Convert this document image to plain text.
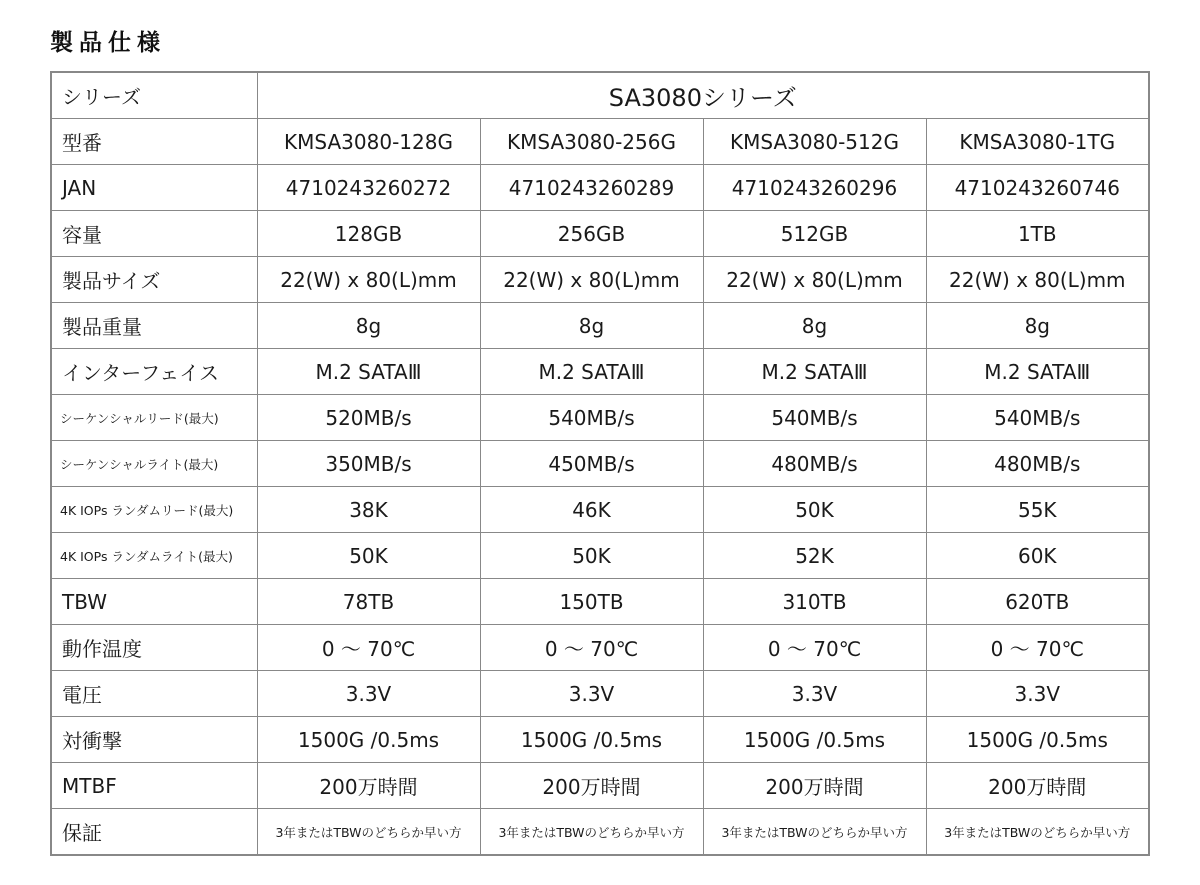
製品仕様
シリーズ	SA3080シリーズ			
型番	KMSA3080-128G	KMSA3080-256G	KMSA3080-512G	KMSA3080-1TG
JAN	4710243260272	4710243260289	4710243260296	4710243260746
容量	128GB	256GB	512GB	1TB
製品サイズ	22(W) x 80(L)mm	22(W) x 80(L)mm	22(W) x 80(L)mm	22(W) x 80(L)mm
製品重量	8g	8g	8g	8g
インターフェイス	M.2 SATAⅢ	M.2 SATAⅢ	M.2 SATAⅢ	M.2 SATAⅢ
シーケンシャルリード(最大)	520MB/s	540MB/s	540MB/s	540MB/s
シーケンシャルライト(最大)	350MB/s	450MB/s	480MB/s	480MB/s
4K IOPs ランダムリード(最大)	38K	46K	50K	55K
4K IOPs ランダムライト(最大)	50K	50K	52K	60K
TBW	78TB	150TB	310TB	620TB
動作温度	0 ～ 70℃	0 ～ 70℃	0 ～ 70℃	0 ～ 70℃
電圧	3.3V	3.3V	3.3V	3.3V
対衝撃	1500G /0.5ms	1500G /0.5ms	1500G /0.5ms	1500G /0.5ms
MTBF	200万時間	200万時間	200万時間	200万時間
保証	3年またはTBWのどちらか早い方	3年またはTBWのどちらか早い方	3年またはTBWのどちらか早い方	3年またはTBWのどちらか早い方
